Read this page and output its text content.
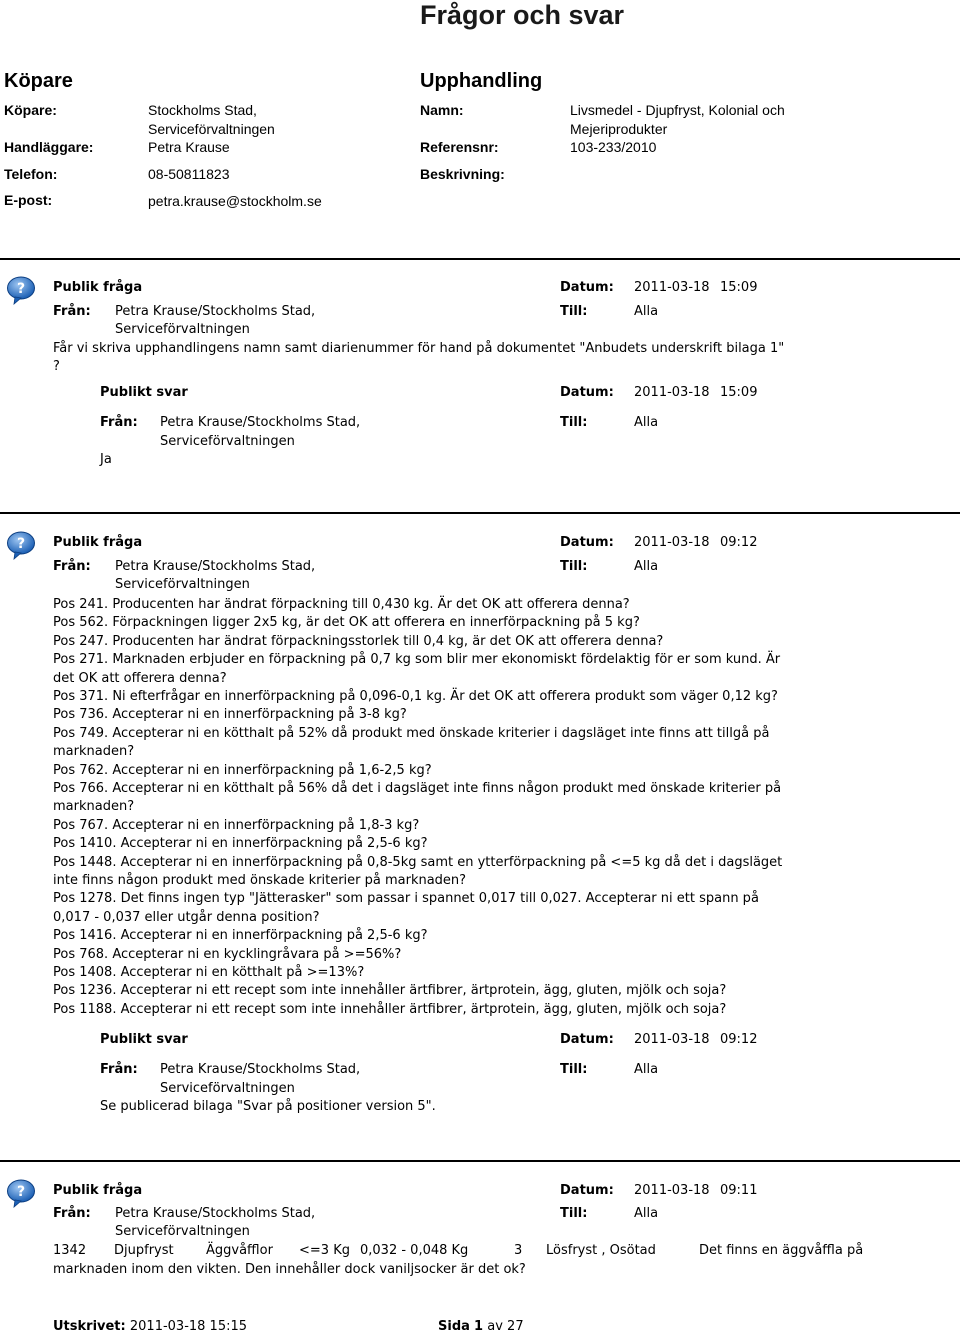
Frågor och svar
Köpare
Köpare:	Stockholms Stad,
Serviceförvaltningen
Handläggare:	Petra Krause
Telefon:	08-50811823
E-post:	petra.krause@stockholm.se
Upphandling
Namn:	Livsmedel - Djupfryst, Kolonial och
Mejeriprodukter
Referensnr:	103-233/2010
Beskrivning:
? Publik fråga	Datum: 2011-03-18 15:09
Från: Petra Krause/Stockholms Stad,
Serviceförvaltningen
Till:	Alla
Får vi skriva upphandlingens namn samt diarienummer för hand på dokumentet "Anbudets underskrift bilaga 1"
?
Publikt svar	Datum: 2011-03-18 15:09
Från: Petra Krause/Stockholms Stad,
Serviceförvaltningen
Till:	Alla
Ja
? Publik fråga	Datum: 2011-03-18 09:12
Från: Petra Krause/Stockholms Stad,
Serviceförvaltningen
Till:	Alla
Pos 241. Producenten har ändrat förpackning till 0,430 kg. Är det OK att offerera denna?
Pos 562. Förpackningen ligger 2x5 kg, är det OK att offerera en innerförpackning på 5 kg?
Pos 247. Producenten har ändrat förpackningsstorlek till 0,4 kg, är det OK att offerera denna?
Pos 271. Marknaden erbjuder en förpackning på 0,7 kg som blir mer ekonomiskt fördelaktig för er som kund. Är
det OK att offerera denna?
Pos 371. Ni efterfrågar en innerförpackning på 0,096-0,1 kg. Är det OK att offerera produkt som väger 0,12 kg?
Pos 736. Accepterar ni en innerförpackning på 3-8 kg?
Pos 749. Accepterar ni en kötthalt på 52% då produkt med önskade kriterier i dagsläget inte finns att tillgå på
marknaden?
Pos 762. Accepterar ni en innerförpackning på 1,6-2,5 kg?
Pos 766. Accepterar ni en kötthalt på 56% då det i dagsläget inte finns någon produkt med önskade kriterier på
marknaden?
Pos 767. Accepterar ni en innerförpackning på 1,8-3 kg?
Pos 1410. Accepterar ni en innerförpackning på 2,5-6 kg?
Pos 1448. Accepterar ni en innerförpackning på 0,8-5kg samt en ytterförpackning på <=5 kg då det i dagsläget
inte finns någon produkt med önskade kriterier på marknaden?
Pos 1278. Det finns ingen typ "Jätterasker" som passar i spannet 0,017 till 0,027. Accepterar ni ett spann på
0,017 - 0,037 eller utgår denna position?
Pos 1416. Accepterar ni en innerförpackning på 2,5-6 kg?
Pos 768. Accepterar ni en kycklingråvara på >=56%?
Pos 1408. Accepterar ni en kötthalt på >=13%?
Pos 1236. Accepterar ni ett recept som inte innehåller ärtfibrer, ärtprotein, ägg, gluten, mjölk och soja?
Pos 1188. Accepterar ni ett recept som inte innehåller ärtfibrer, ärtprotein, ägg, gluten, mjölk och soja?
Publikt svar	Datum: 2011-03-18 09:12
Från: Petra Krause/Stockholms Stad,
Serviceförvaltningen
Till:	Alla
Se publicerad bilaga "Svar på positioner version 5".
? Publik fråga	Datum: 2011-03-18 09:11
Från: Petra Krause/Stockholms Stad,
Serviceförvaltningen
Till:	Alla
1342 Djupfryst Äggvåfflor <=3 Kg 0,032 - 0,048 Kg	3 Lösfryst , Osötad	Det finns en äggvåffla på
marknaden inom den vikten. Den innehåller dock vaniljsocker är det ok?
Utskrivet: 2011-03-18 15:15	Sida 1 av 27
